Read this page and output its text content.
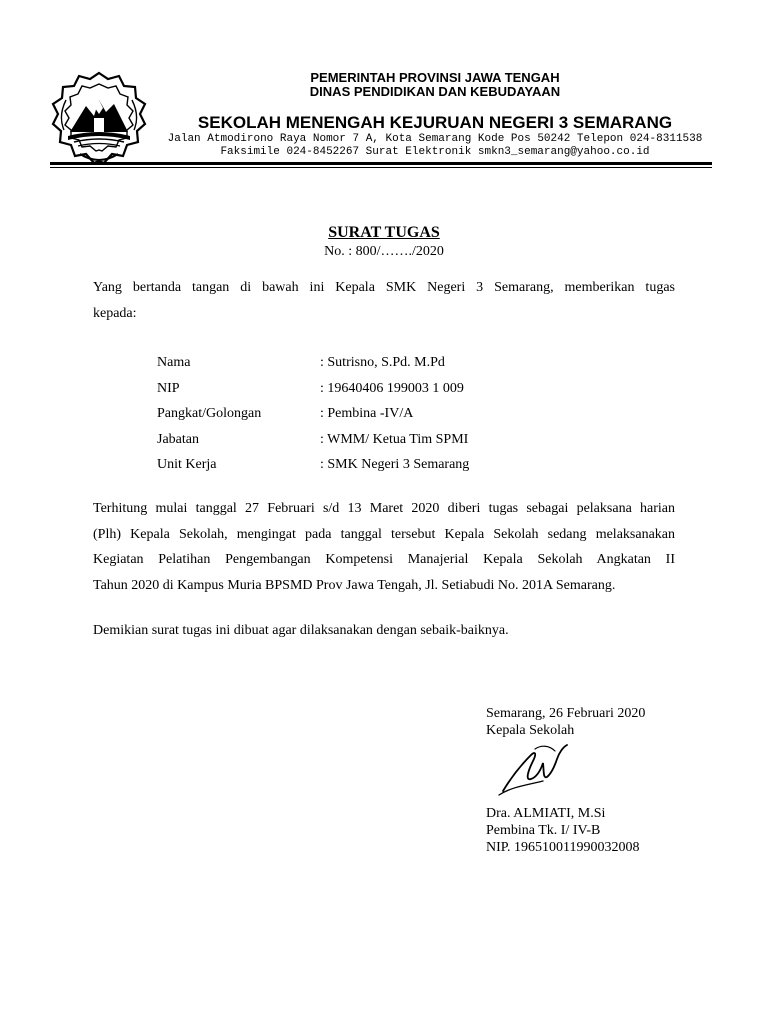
PEMERINTAH PROVINSI JAWA TENGAH
DINAS PENDIDIKAN DAN KEBUDAYAAN
SEKOLAH MENENGAH KEJURUAN NEGERI 3 SEMARANG
Jalan Atmodirono Raya Nomor 7 A, Kota Semarang Kode Pos 50242 Telepon 024-8311538
Faksimile 024-8452267 Surat Elektronik smkn3_semarang@yahoo.co.id
SURAT TUGAS
No. : 800/……./2020
Yang bertanda tangan di bawah ini Kepala SMK Negeri 3 Semarang, memberikan tugas
kepada:
Nama	: Sutrisno, S.Pd. M.Pd
NIP	: 19640406 199003 1 009
Pangkat/Golongan	: Pembina -IV/A
Jabatan	: WMM/ Ketua Tim SPMI
Unit Kerja	: SMK Negeri 3 Semarang
Terhitung mulai tanggal 27 Februari s/d 13 Maret 2020 diberi tugas sebagai pelaksana harian
(Plh) Kepala Sekolah, mengingat pada tanggal tersebut Kepala Sekolah sedang melaksanakan
Kegiatan Pelatihan Pengembangan Kompetensi Manajerial Kepala Sekolah Angkatan II
Tahun 2020 di Kampus Muria BPSMD Prov Jawa Tengah, Jl. Setiabudi No. 201A Semarang.
Demikian surat tugas ini dibuat agar dilaksanakan dengan sebaik-baiknya.
Semarang, 26 Februari 2020
Kepala Sekolah
Dra. ALMIATI, M.Si
Pembina Tk. I/ IV-B
NIP. 196510011990032008
